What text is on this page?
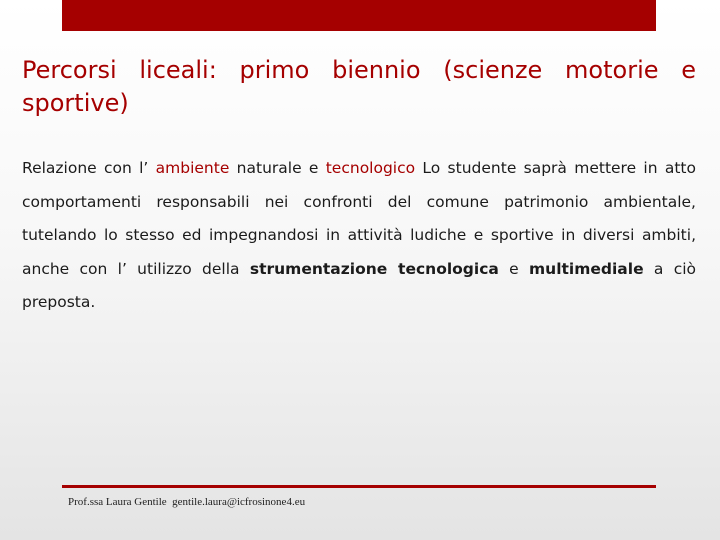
Percorsi liceali: primo biennio (scienze motorie e sportive)

Relazione con l’ ambiente naturale e tecnologico Lo studente saprà mettere in atto comportamenti responsabili nei confronti del comune patrimonio ambientale, tutelando lo stesso ed impegnandosi in attività ludiche e sportive in diversi ambiti, anche con l’ utilizzo della strumentazione tecnologica e multimediale a ciò preposta.

Prof.ssa Laura Gentile  gentile.laura@icfrosinone4.eu
